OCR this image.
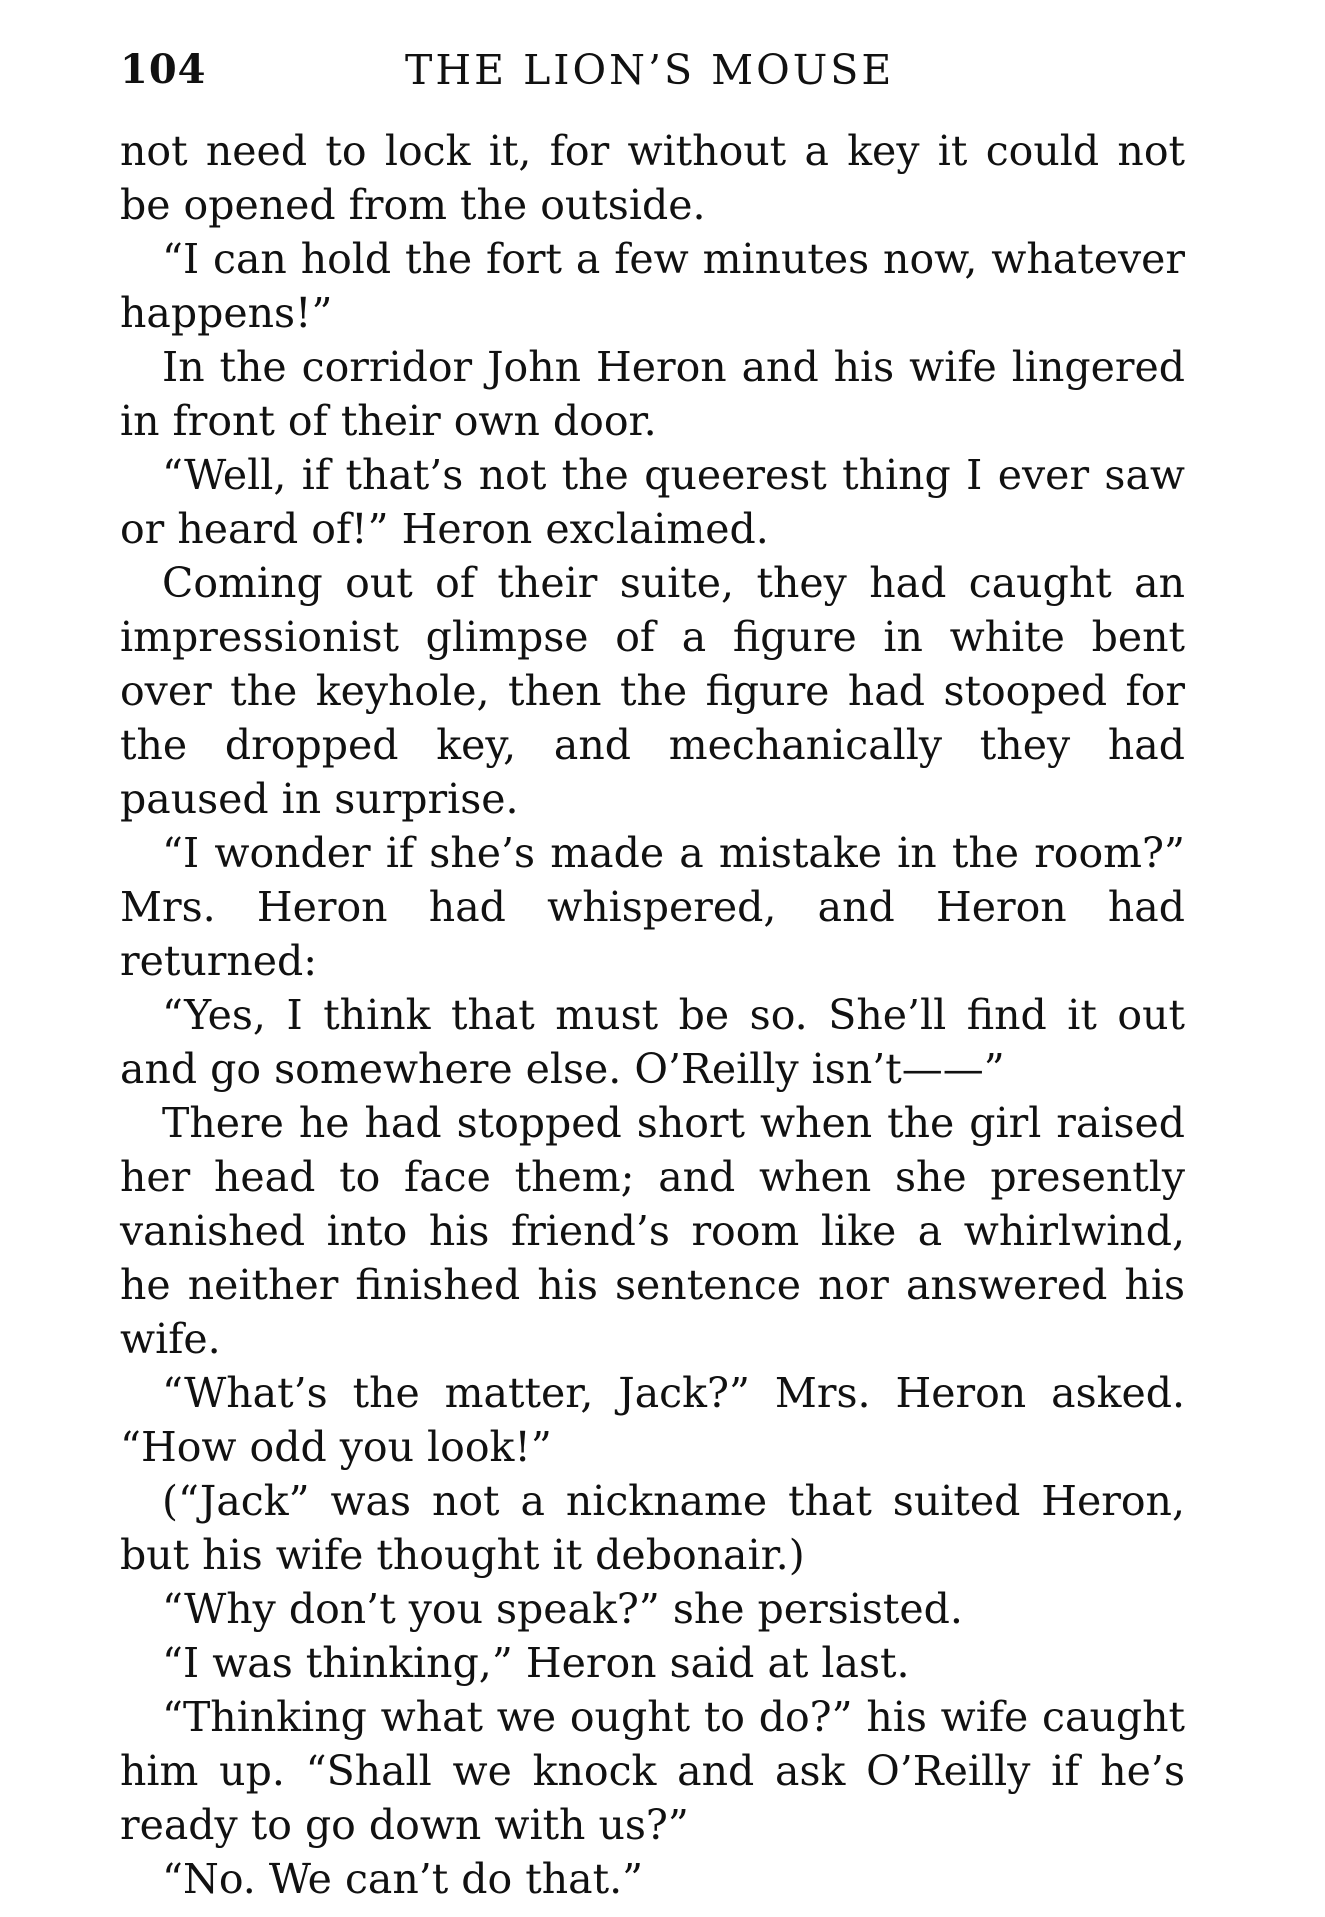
104	THE LION’S MOUSE

not need to lock it, for without a key it could not be opened from the outside.

“I can hold the fort a few minutes now, whatever happens!”

In the corridor John Heron and his wife lingered in front of their own door.

“Well, if that’s not the queerest thing I ever saw or heard of!” Heron exclaimed.

Coming out of their suite, they had caught an impressionist glimpse of a figure in white bent over the keyhole, then the figure had stooped for the dropped key, and mechanically they had paused in surprise.

“I wonder if she’s made a mistake in the room?” Mrs. Heron had whispered, and Heron had returned:

“Yes, I think that must be so. She’ll find it out and go somewhere else. O’Reilly isn’t——”

There he had stopped short when the girl raised her head to face them; and when she presently vanished into his friend’s room like a whirlwind, he neither finished his sentence nor answered his wife.

“What’s the matter, Jack?” Mrs. Heron asked. “How odd you look!”

(“Jack” was not a nickname that suited Heron, but his wife thought it debonair.)

“Why don’t you speak?” she persisted.

“I was thinking,” Heron said at last.

“Thinking what we ought to do?” his wife caught him up. “Shall we knock and ask O’Reilly if he’s ready to go down with us?”

“No. We can’t do that.”
